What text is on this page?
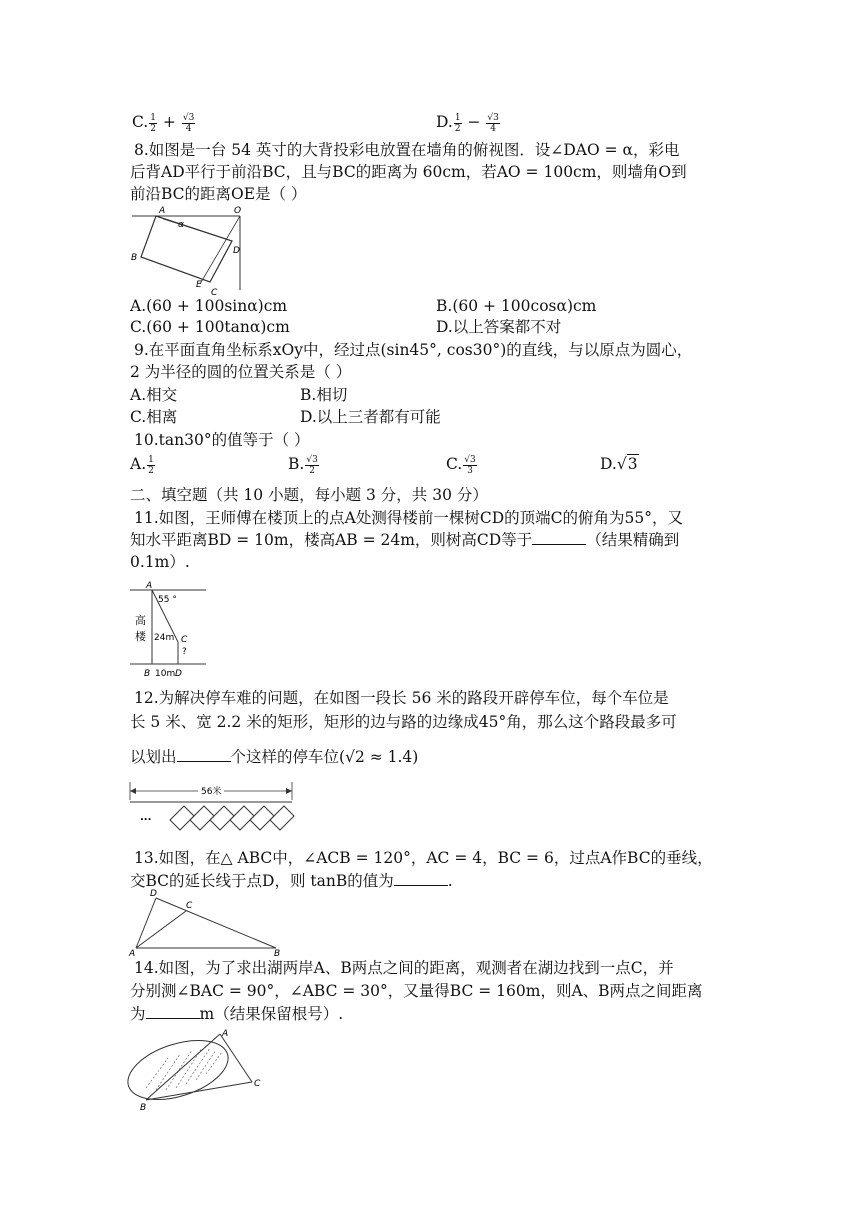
C. $\frac{1}{2} + \frac{√3}{4}$	D. $\frac{1}{2} - \frac{√3}{4}$
8.如图是一台 54 英寸的大背投彩电放置在墙角的俯视图．设∠DAO = α，彩电
后背AD平行于前沿BC，且与BC的距离为 60cm，若AO = 100cm，则墙角O到
前沿BC的距离OE是（ ）
A	O
α
D
B
E
C
A.(60 + 100sinα)cm	B.(60 + 100cosα)cm
C.(60 + 100tanα)cm	D.以上答案都不对
9.在平面直角坐标系xOy中，经过点(sin45°, cos30°)的直线，与以原点为圆心，
2 为半径的圆的位置关系是（ ）
A.相交	B.相切
C.相离	D.以上三者都有可能
10.tan30°的值等于（ ）
A. $\frac{1}{2}$	B. $\frac{√3}{2}$	C. $\frac{√3}{3}$	D.√3
二、填空题（共 10 小题，每小题 3 分，共 30 分）
11.如图，王师傅在楼顶上的点A处测得楼前一棵树CD的顶端C的俯角为55°，又
知水平距离BD = 10m，楼高AB = 24m，则树高CD等于	（结果精确到
0.1m）.
A
55 °
高
楼 24m C
?
B 10m D
12.为解决停车难的问题，在如图一段长 56 米的路段开辟停车位，每个车位是
长 5 米、宽 2.2 米的矩形，矩形的边与路的边缘成45°角，那么这个路段最多可
以划出	个这样的停车位(√2 ≈ 1.4)
56米
...
13.如图，在△ ABC中，∠ACB = 120°，AC = 4，BC = 6，过点A作BC的垂线，
交BC的延长线于点D，则 tanB的值为	.
D
C
A	B
14.如图，为了求出湖两岸A、B两点之间的距离，观测者在湖边找到一点C，并
分别测∠BAC = 90°，∠ABC = 30°，又量得BC = 160m，则A、B两点之间距离
为	m（结果保留根号）.
A
B
C
